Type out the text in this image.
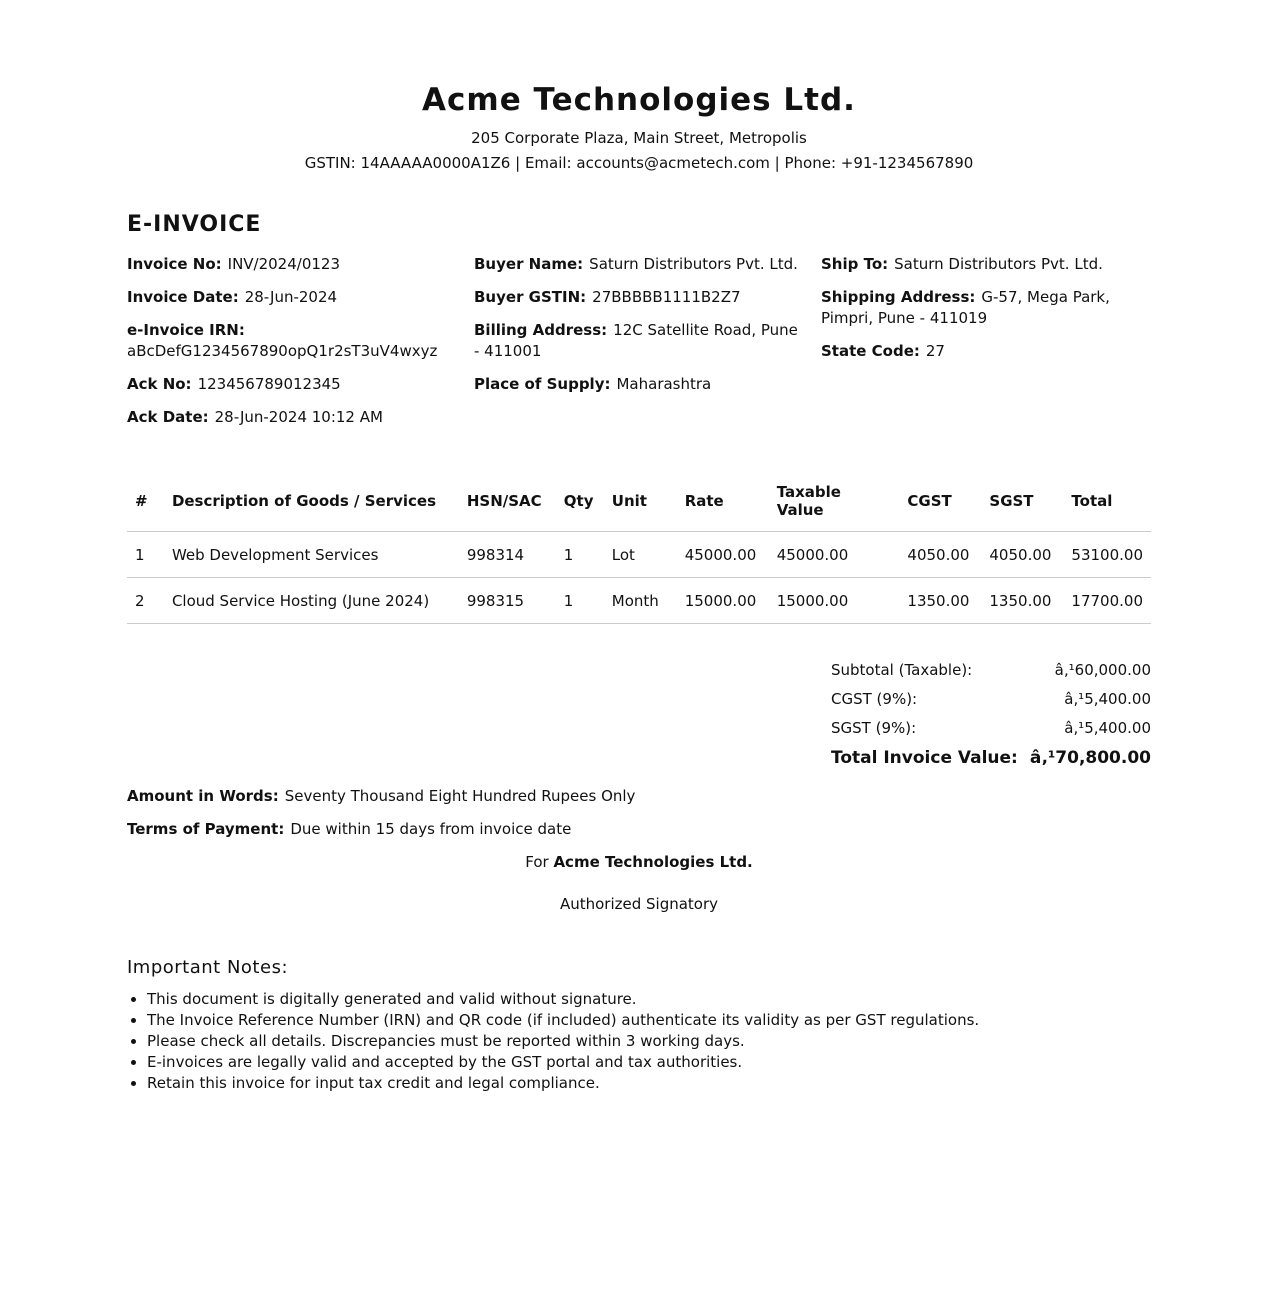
Acme Technologies Ltd.
205 Corporate Plaza, Main Street, Metropolis
GSTIN: 14AAAAA0000A1Z6 | Email: accounts@acmetech.com | Phone: +91-1234567890
E-INVOICE
Invoice No: INV/2024/0123
Invoice Date: 28-Jun-2024
e-Invoice IRN:
aBcDefG1234567890opQ1r2sT3uV4wxyz
Ack No: 123456789012345
Ack Date: 28-Jun-2024 10:12 AM
Buyer Name: Saturn Distributors Pvt. Ltd.
Buyer GSTIN: 27BBBBB1111B2Z7
Billing Address: 12C Satellite Road, Pune - 411001
Place of Supply: Maharashtra
Ship To: Saturn Distributors Pvt. Ltd.
Shipping Address: G-57, Mega Park, Pimpri, Pune - 411019
State Code: 27
#	Description of Goods / Services	HSN/SAC	Qty	Unit	Rate	Taxable Value	CGST	SGST	Total
1	Web Development Services	998314	1	Lot	45000.00	45000.00	4050.00	4050.00	53100.00
2	Cloud Service Hosting (June 2024)	998315	1	Month	15000.00	15000.00	1350.00	1350.00	17700.00
Subtotal (Taxable):	â‚¹60,000.00
CGST (9%):	â‚¹5,400.00
SGST (9%):	â‚¹5,400.00
Total Invoice Value: â‚¹70,800.00
Amount in Words: Seventy Thousand Eight Hundred Rupees Only
Terms of Payment: Due within 15 days from invoice date
For Acme Technologies Ltd.
Authorized Signatory
Important Notes:
• This document is digitally generated and valid without signature.
• The Invoice Reference Number (IRN) and QR code (if included) authenticate its validity as per GST regulations.
• Please check all details. Discrepancies must be reported within 3 working days.
• E-invoices are legally valid and accepted by the GST portal and tax authorities.
• Retain this invoice for input tax credit and legal compliance.
